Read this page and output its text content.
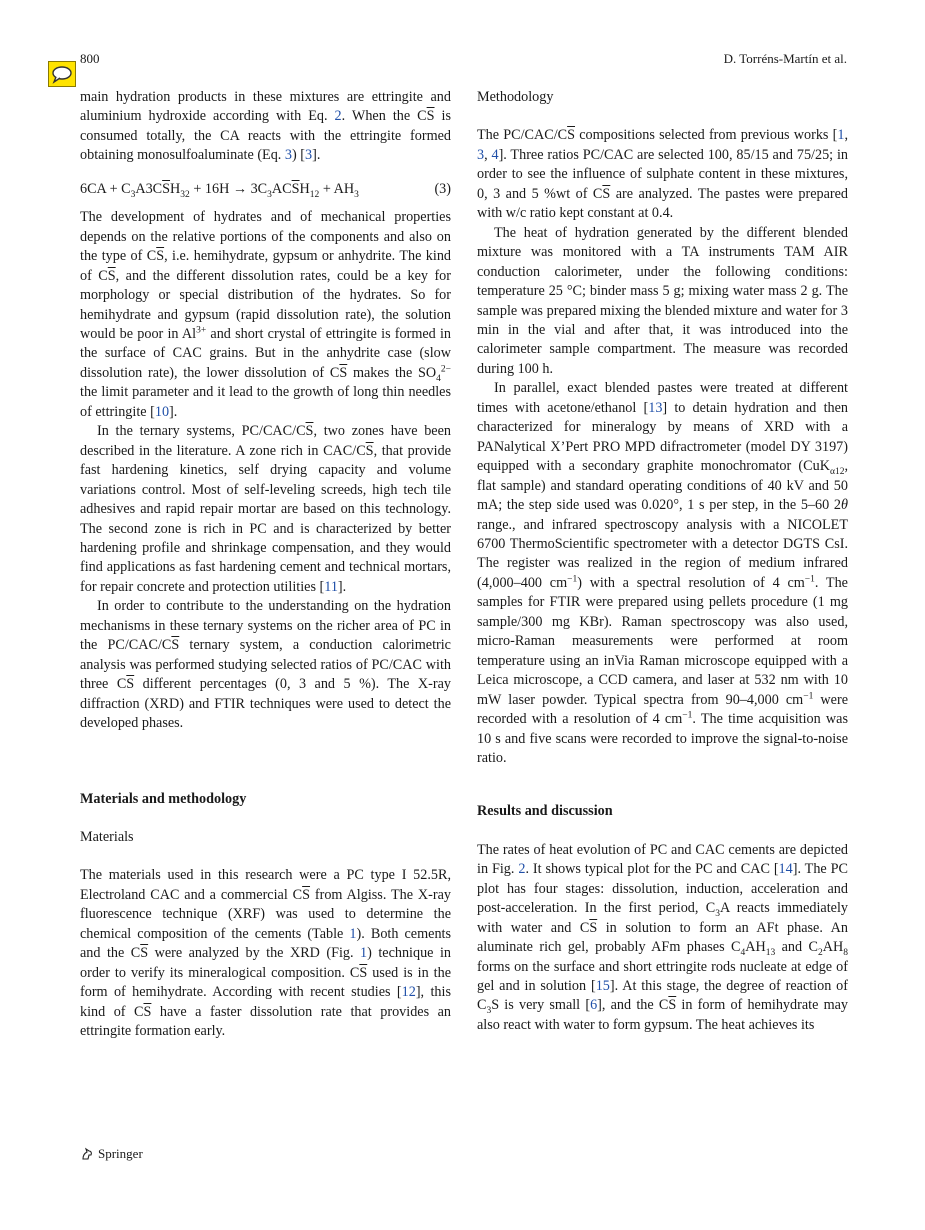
800	D. Torréns-Martín et al.

main hydration products in these mixtures are ettringite and aluminium hydroxide according with Eq. 2. When the $C\overline{S}$ is consumed totally, the CA reacts with the ettringite formed obtaining monosulfoaluminate (Eq. 3) [3].

$6CA + C_3A3C\overline{S}H_{32} + 16H \to 3C_3AC\overline{S}H_{12} + AH_3$	(3)

The development of hydrates and of mechanical properties depends on the relative portions of the components and also on the type of $C\overline{S}$, i.e. hemihydrate, gypsum or anhydrite. The kind of $C\overline{S}$, and the different dissolution rates, could be a key for morphology or special distribution of the hydrates. So for hemihydrate and gypsum (rapid dissolution rate), the solution would be poor in $Al^{3+}$ and short crystal of ettringite is formed in the surface of CAC grains. But in the anhydrite case (slow dissolution rate), the lower dissolution of $C\overline{S}$ makes the $SO_4^{2-}$ the limit parameter and it lead to the growth of long thin needles of ettringite [10].

In the ternary systems, $PC/CAC/C\overline{S}$, two zones have been described in the literature. A zone rich in CAC/$C\overline{S}$, that provide fast hardening kinetics, self drying capacity and volume variations control. Most of self-leveling screeds, high tech tile adhesives and rapid repair mortar are based on this technology. The second zone is rich in PC and is characterized by better hardening profile and shrinkage compensation, and they would find applications as fast hardening cement and technical mortars, for repair concrete and protection utilities [11].

In order to contribute to the understanding on the hydration mechanisms in these ternary systems on the richer area of PC in the $PC/CAC/C\overline{S}$ ternary system, a conduction calorimetric analysis was performed studying selected ratios of PC/CAC with three $C\overline{S}$ different percentages (0, 3 and 5 %). The X-ray diffraction (XRD) and FTIR techniques were used to detect the developed phases.

Materials and methodology

Materials

The materials used in this research were a PC type I 52.5R, Electroland CAC and a commercial $C\overline{S}$ from Algiss. The X-ray fluorescence technique (XRF) was used to determine the chemical composition of the cements (Table 1). Both cements and the $C\overline{S}$ were analyzed by the XRD (Fig. 1) technique in order to verify its mineralogical composition. $C\overline{S}$ used is in the form of hemihydrate. According with recent studies [12], this kind of $C\overline{S}$ have a faster dissolution rate that provides an ettringite formation early.

Methodology

The $PC/CAC/C\overline{S}$ compositions selected from previous works [1, 3, 4]. Three ratios PC/CAC are selected 100, 85/15 and 75/25; in order to see the influence of sulphate content in these mixtures, 0, 3 and 5 %wt of $C\overline{S}$ are analyzed. The pastes were prepared with w/c ratio kept constant at 0.4.

The heat of hydration generated by the different blended mixture was monitored with a TA instruments TAM AIR conduction calorimeter, under the following conditions: temperature 25 °C; binder mass 5 g; mixing water mass 2 g. The sample was prepared mixing the blended mixture and water for 3 min in the vial and after that, it was introduced into the calorimeter sample compartment. The measure was recorded during 100 h.

In parallel, exact blended pastes were treated at different times with acetone/ethanol [13] to detain hydration and then characterized for mineralogy by means of XRD with a PANalytical X’Pert PRO MPD difractrometer (model DY 3197) equipped with a secondary graphite monochromator (CuK$_{\alpha 12}$, flat sample) and standard operating conditions of 40 kV and 50 mA; the step side used was 0.020°, 1 s per step, in the 5–60 2θ range., and infrared spectroscopy analysis with a NICOLET 6700 ThermoScientific spectrometer with a detector DGTS CsI. The register was realized in the region of medium infrared (4,000–400 $cm^{-1}$) with a spectral resolution of 4 $cm^{-1}$. The samples for FTIR were prepared using pellets procedure (1 mg sample/300 mg KBr). Raman spectroscopy was also used, micro-Raman measurements were performed at room temperature using an inVia Raman microscope equipped with a Leica microscope, a CCD camera, and laser at 532 nm with 10 mW laser powder. Typical spectra from 90–4,000 $cm^{-1}$ were recorded with a resolution of 4 $cm^{-1}$. The time acquisition was 10 s and five scans were recorded to improve the signal-to-noise ratio.

Results and discussion

The rates of heat evolution of PC and CAC cements are depicted in Fig. 2. It shows typical plot for the PC and CAC [14]. The PC plot has four stages: dissolution, induction, acceleration and post-acceleration. In the first period, $C_3A$ reacts immediately with water and $C\overline{S}$ in solution to form an AFt phase. An aluminate rich gel, probably AFm phases $C_4AH_{13}$ and $C_2AH_8$ forms on the surface and short ettringite rods nucleate at edge of gel and in solution [15]. At this stage, the degree of reaction of $C_3S$ is very small [6], and the $C\overline{S}$ in form of hemihydrate may also react with water to form gypsum. The heat achieves its

Springer
